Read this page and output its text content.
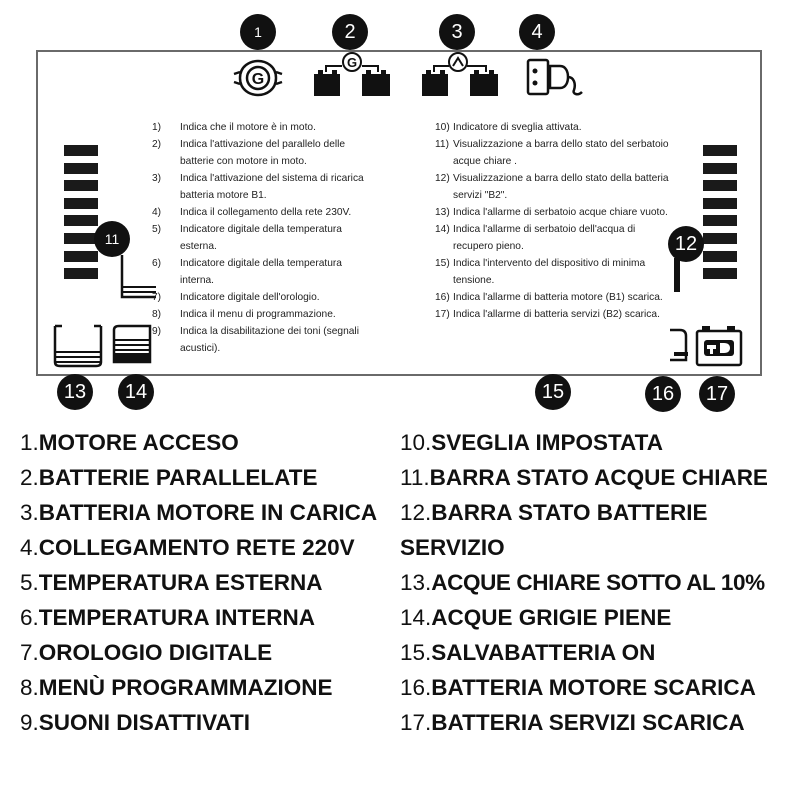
G
G
1	2	3	4
11	12
13	14	15	16	17
1) Indica che il motore è in moto.
2) Indica l'attivazione del parallelo delle batterie con motore in moto.
3) Indica l'attivazione del sistema di ricarica batteria motore B1.
4) Indica il collegamento della rete 230V.
5) Indicatore digitale della temperatura esterna.
6) Indicatore digitale della temperatura interna.
7) Indicatore digitale dell'orologio.
8) Indica il menu di programmazione.
9) Indica la disabilitazione dei toni (segnali acustici).
10) Indicatore di sveglia attivata.
11) Visualizzazione a barra dello stato del serbatoio acque chiare .
12) Visualizzazione a barra dello stato della batteria servizi "B2".
13) Indica l'allarme di serbatoio acque chiare vuoto.
14) Indica l'allarme di serbatoio dell'acqua di recupero pieno.
15) Indica l'intervento del dispositivo di minima tensione.
16) Indica l'allarme di batteria motore (B1) scarica.
17) Indica l'allarme di batteria servizi (B2) scarica.
1. MOTORE ACCESO
2. BATTERIE PARALLELATE
3. BATTERIA MOTORE IN CARICA
4. COLLEGAMENTO RETE 220V
5. TEMPERATURA ESTERNA
6. TEMPERATURA INTERNA
7. OROLOGIO DIGITALE
8. MENÙ PROGRAMMAZIONE
9. SUONI DISATTIVATI
10. SVEGLIA IMPOSTATA
11. BARRA STATO ACQUE CHIARE
12.BARRA STATO BATTERIE SERVIZIO
13. ACQUE CHIARE SOTTO AL 10%
14. ACQUE GRIGIE PIENE
15. SALVABATTERIA ON
16. BATTERIA MOTORE SCARICA
17. BATTERIA SERVIZI SCARICA
